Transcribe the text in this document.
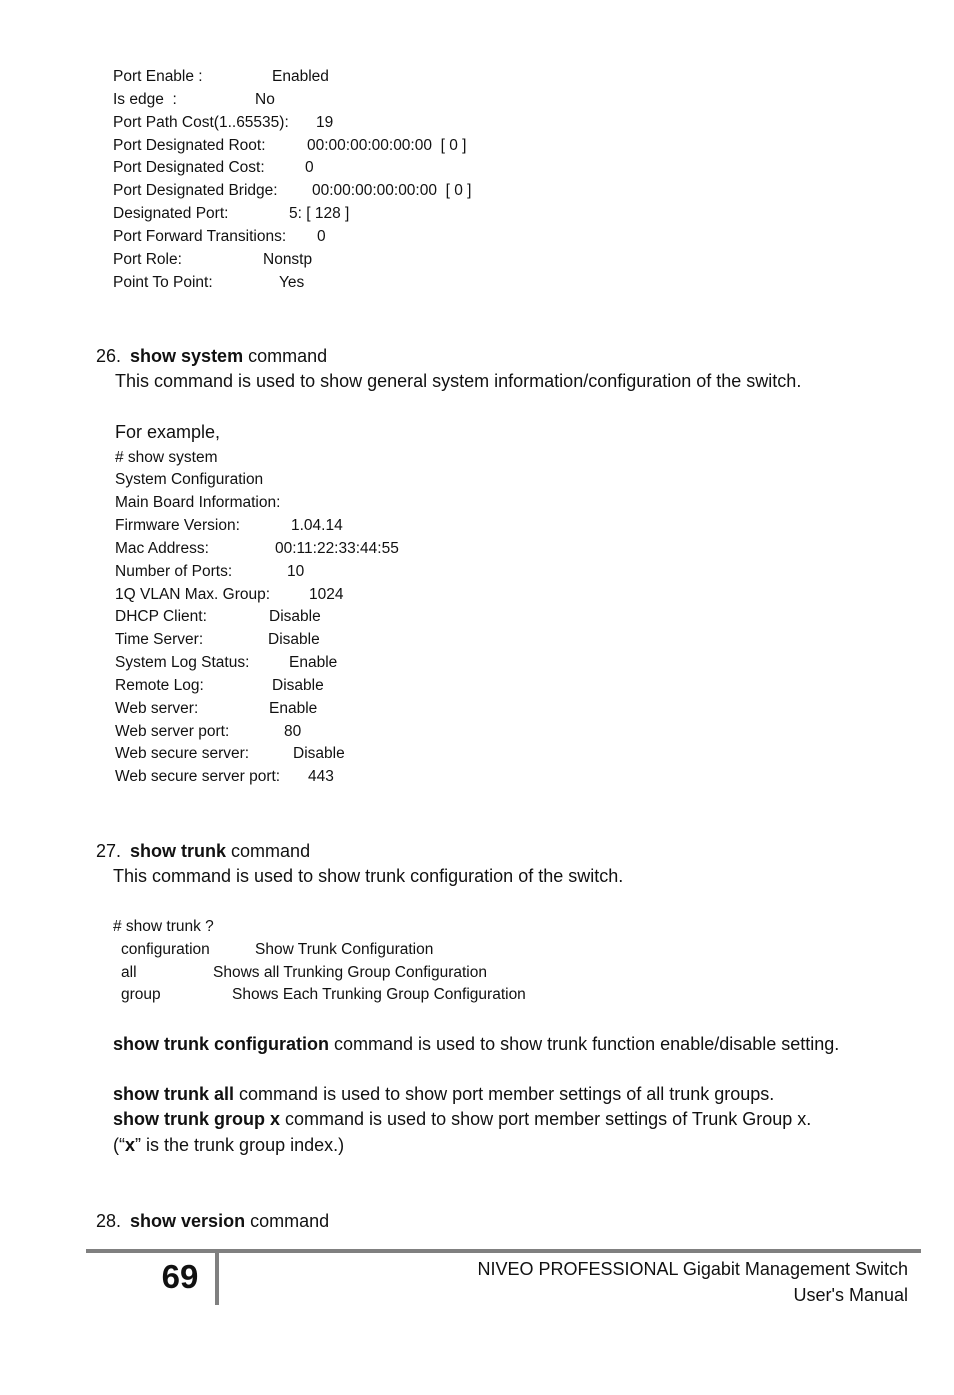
Port Enable :	Enabled
Is edge  :	No
Port Path Cost(1..65535): 19
Port Designated Root:	00:00:00:00:00:00  [ 0 ]
Port Designated Cost:	0
Port Designated Bridge: 00:00:00:00:00:00  [ 0 ]
Designated Port:	5: [ 128 ]
Port Forward Transitions: 0
Port Role:	Nonstp
Point To Point:	Yes
26. show system command
This command is used to show general system information/configuration of the switch.
For example,
# show system
System Configuration
Main Board Information:
Firmware Version:	1.04.14
Mac Address:	00:11:22:33:44:55
Number of Ports:	10
1Q VLAN Max. Group:	1024
DHCP Client:	Disable
Time Server:	Disable
System Log Status:	Enable
Remote Log:	Disable
Web server:	Enable
Web server port:	80
Web secure server:	Disable
Web secure server port: 443
27. show trunk command
This command is used to show trunk configuration of the switch.
# show trunk ?
configuration	Show Trunk Configuration
all	Shows all Trunking Group Configuration
group	Shows Each Trunking Group Configuration
show trunk configuration command is used to show trunk function enable/disable setting.
show trunk all command is used to show port member settings of all trunk groups.
show trunk group x command is used to show port member settings of Trunk Group x.
(“x” is the trunk group index.)
28. show version command
69	NIVEO PROFESSIONAL Gigabit Management Switch
User's Manual
